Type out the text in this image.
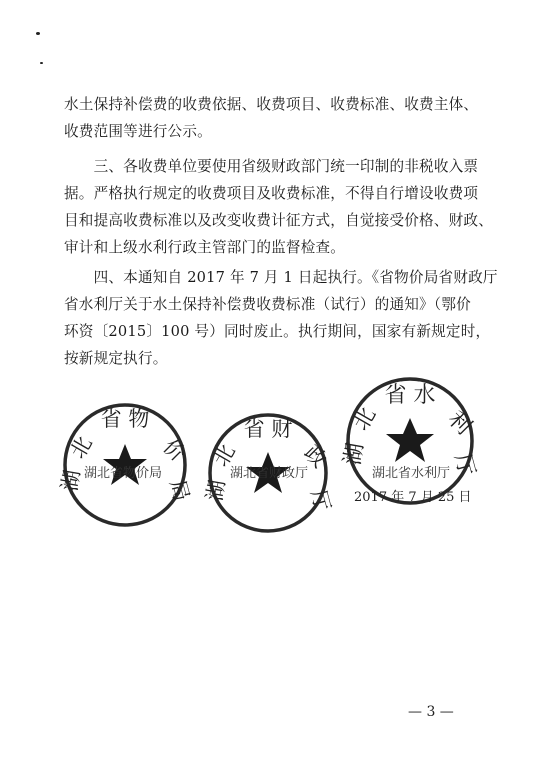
水土保持补偿费的收费依据、收费项目、收费标准、收费主体、
收费范围等进行公示。

　　三、各收费单位要使用省级财政部门统一印制的非税收入票
据。严格执行规定的收费项目及收费标准，不得自行增设收费项
目和提高收费标准以及改变收费计征方式，自觉接受价格、财政、
审计和上级水利行政主管部门的监督检查。

　　四、本通知自 2017 年 7 月 1 日起执行。《省物价局省财政厅
省水利厅关于水土保持补偿费收费标准（试行）的通知》（鄂价
环资〔2015〕100 号）同时废止。执行期间，国家有新规定时，
按新规定执行。

省 物
北
湖
价
局
湖北省物价局
省 财
北
湖
政
厅
湖北省财政厅
省 水
北
湖
利
厅
湖北省水利厅
2017 年 7 月 25 日
— 3 —
